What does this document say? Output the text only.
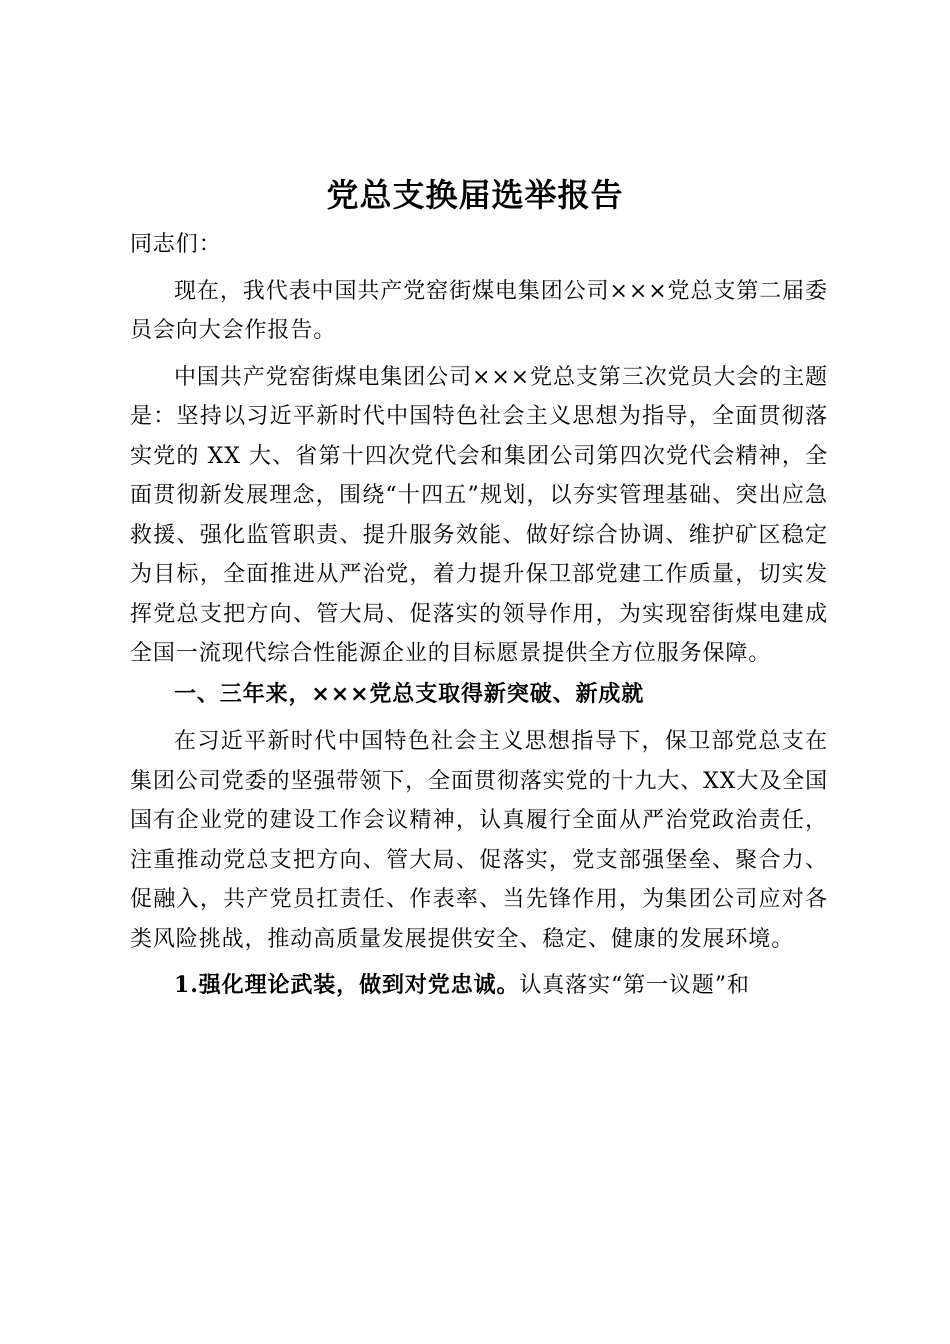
党总支换届选举报告

同志们：

现在，我代表中国共产党窑街煤电集团公司×××党总支第二届委员会向大会作报告。

中国共产党窑街煤电集团公司×××党总支第三次党员大会的主题是：坚持以习近平新时代中国特色社会主义思想为指导，全面贯彻落实党的 XX 大、省第十四次党代会和集团公司第四次党代会精神，全面贯彻新发展理念，围绕“十四五”规划，以夯实管理基础、突出应急救援、强化监管职责、提升服务效能、做好综合协调、维护矿区稳定为目标，全面推进从严治党，着力提升保卫部党建工作质量，切实发挥党总支把方向、管大局、促落实的领导作用，为实现窑街煤电建成全国一流现代综合性能源企业的目标愿景提供全方位服务保障。

一、三年来，×××党总支取得新突破、新成就

在习近平新时代中国特色社会主义思想指导下，保卫部党总支在集团公司党委的坚强带领下，全面贯彻落实党的十九大、XX大及全国国有企业党的建设工作会议精神，认真履行全面从严治党政治责任，注重推动党总支把方向、管大局、促落实，党支部强堡垒、聚合力、促融入，共产党员扛责任、作表率、当先锋作用，为集团公司应对各类风险挑战，推动高质量发展提供安全、稳定、健康的发展环境。

1.强化理论武装，做到对党忠诚。认真落实“第一议题”和
